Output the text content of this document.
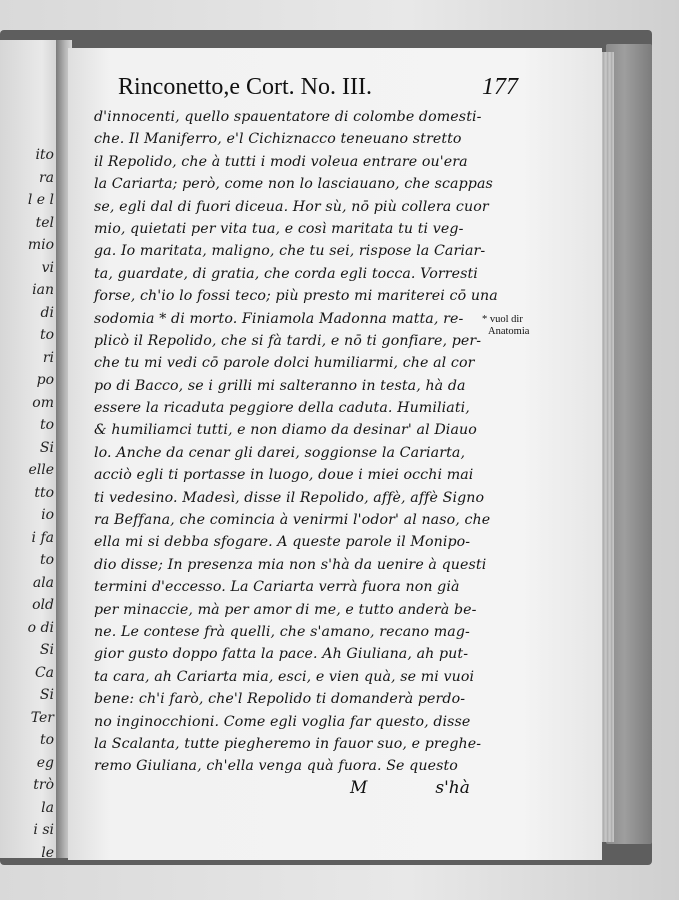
ito
ra
l e l
tel
mio
vi
ian
di
to
ri
po
om
to
Si
elle
tto
io
i fa
to
ala
old
o di
Si
Ca
Si
Ter
to
eg
trò
la
i si
le
Rinconetto,e Cort. No. III.	177
d'innocenti, quello spauentatore di colombe domesti-
che. Il Maniferro, e'l Cichiznacco teneuano stretto
il Repolido, che à tutti i modi voleua entrare ou'era
la Cariarta; però, come non lo lasciauano, che scappas
se, egli dal di fuori diceua. Hor sù, nō più collera cuor
mio, quietati per vita tua, e così maritata tu ti veg-
ga. Io maritata, maligno, che tu sei, rispose la Cariar-
ta, guardate, di gratia, che corda egli tocca. Vorresti
forse, ch'io lo fossi teco; più presto mi mariterei cō una
sodomia * di morto. Finiamola Madonna matta, re-
plicò il Repolido, che si fà tardi, e nō ti gonfiare, per-
che tu mi vedi cō parole dolci humiliarmi, che al cor
po di Bacco, se i grilli mi salteranno in testa, hà da
essere la ricaduta peggiore della caduta. Humiliati,
& humiliamci tutti, e non diamo da desinar' al Diauo
lo. Anche da cenar gli darei, soggionse la Cariarta,
acciò egli ti portasse in luogo, doue i miei occhi mai
ti vedesino. Madesì, disse il Repolido, affè, affè Signo
ra Beffana, che comincia à venirmi l'odor' al naso, che
ella mi si debba sfogare. A queste parole il Monipo-
dio disse; In presenza mia non s'hà da uenire à questi
termini d'eccesso. La Cariarta verrà fuora non già
per minaccie, mà per amor di me, e tutto anderà be-
ne. Le contese frà quelli, che s'amano, recano mag-
gior gusto doppo fatta la pace. Ah Giuliana, ah put-
ta cara, ah Cariarta mia, esci, e vien quà, se mi vuoi
bene: ch'i farò, che'l Repolido ti domanderà perdo-
no inginocchioni. Come egli voglia far questo, disse
la Scalanta, tutte piegheremo in fauor suo, e preghe-
remo Giuliana, ch'ella venga quà fuora. Se questo
* vuol dir
Anatomia
M	s'hà
